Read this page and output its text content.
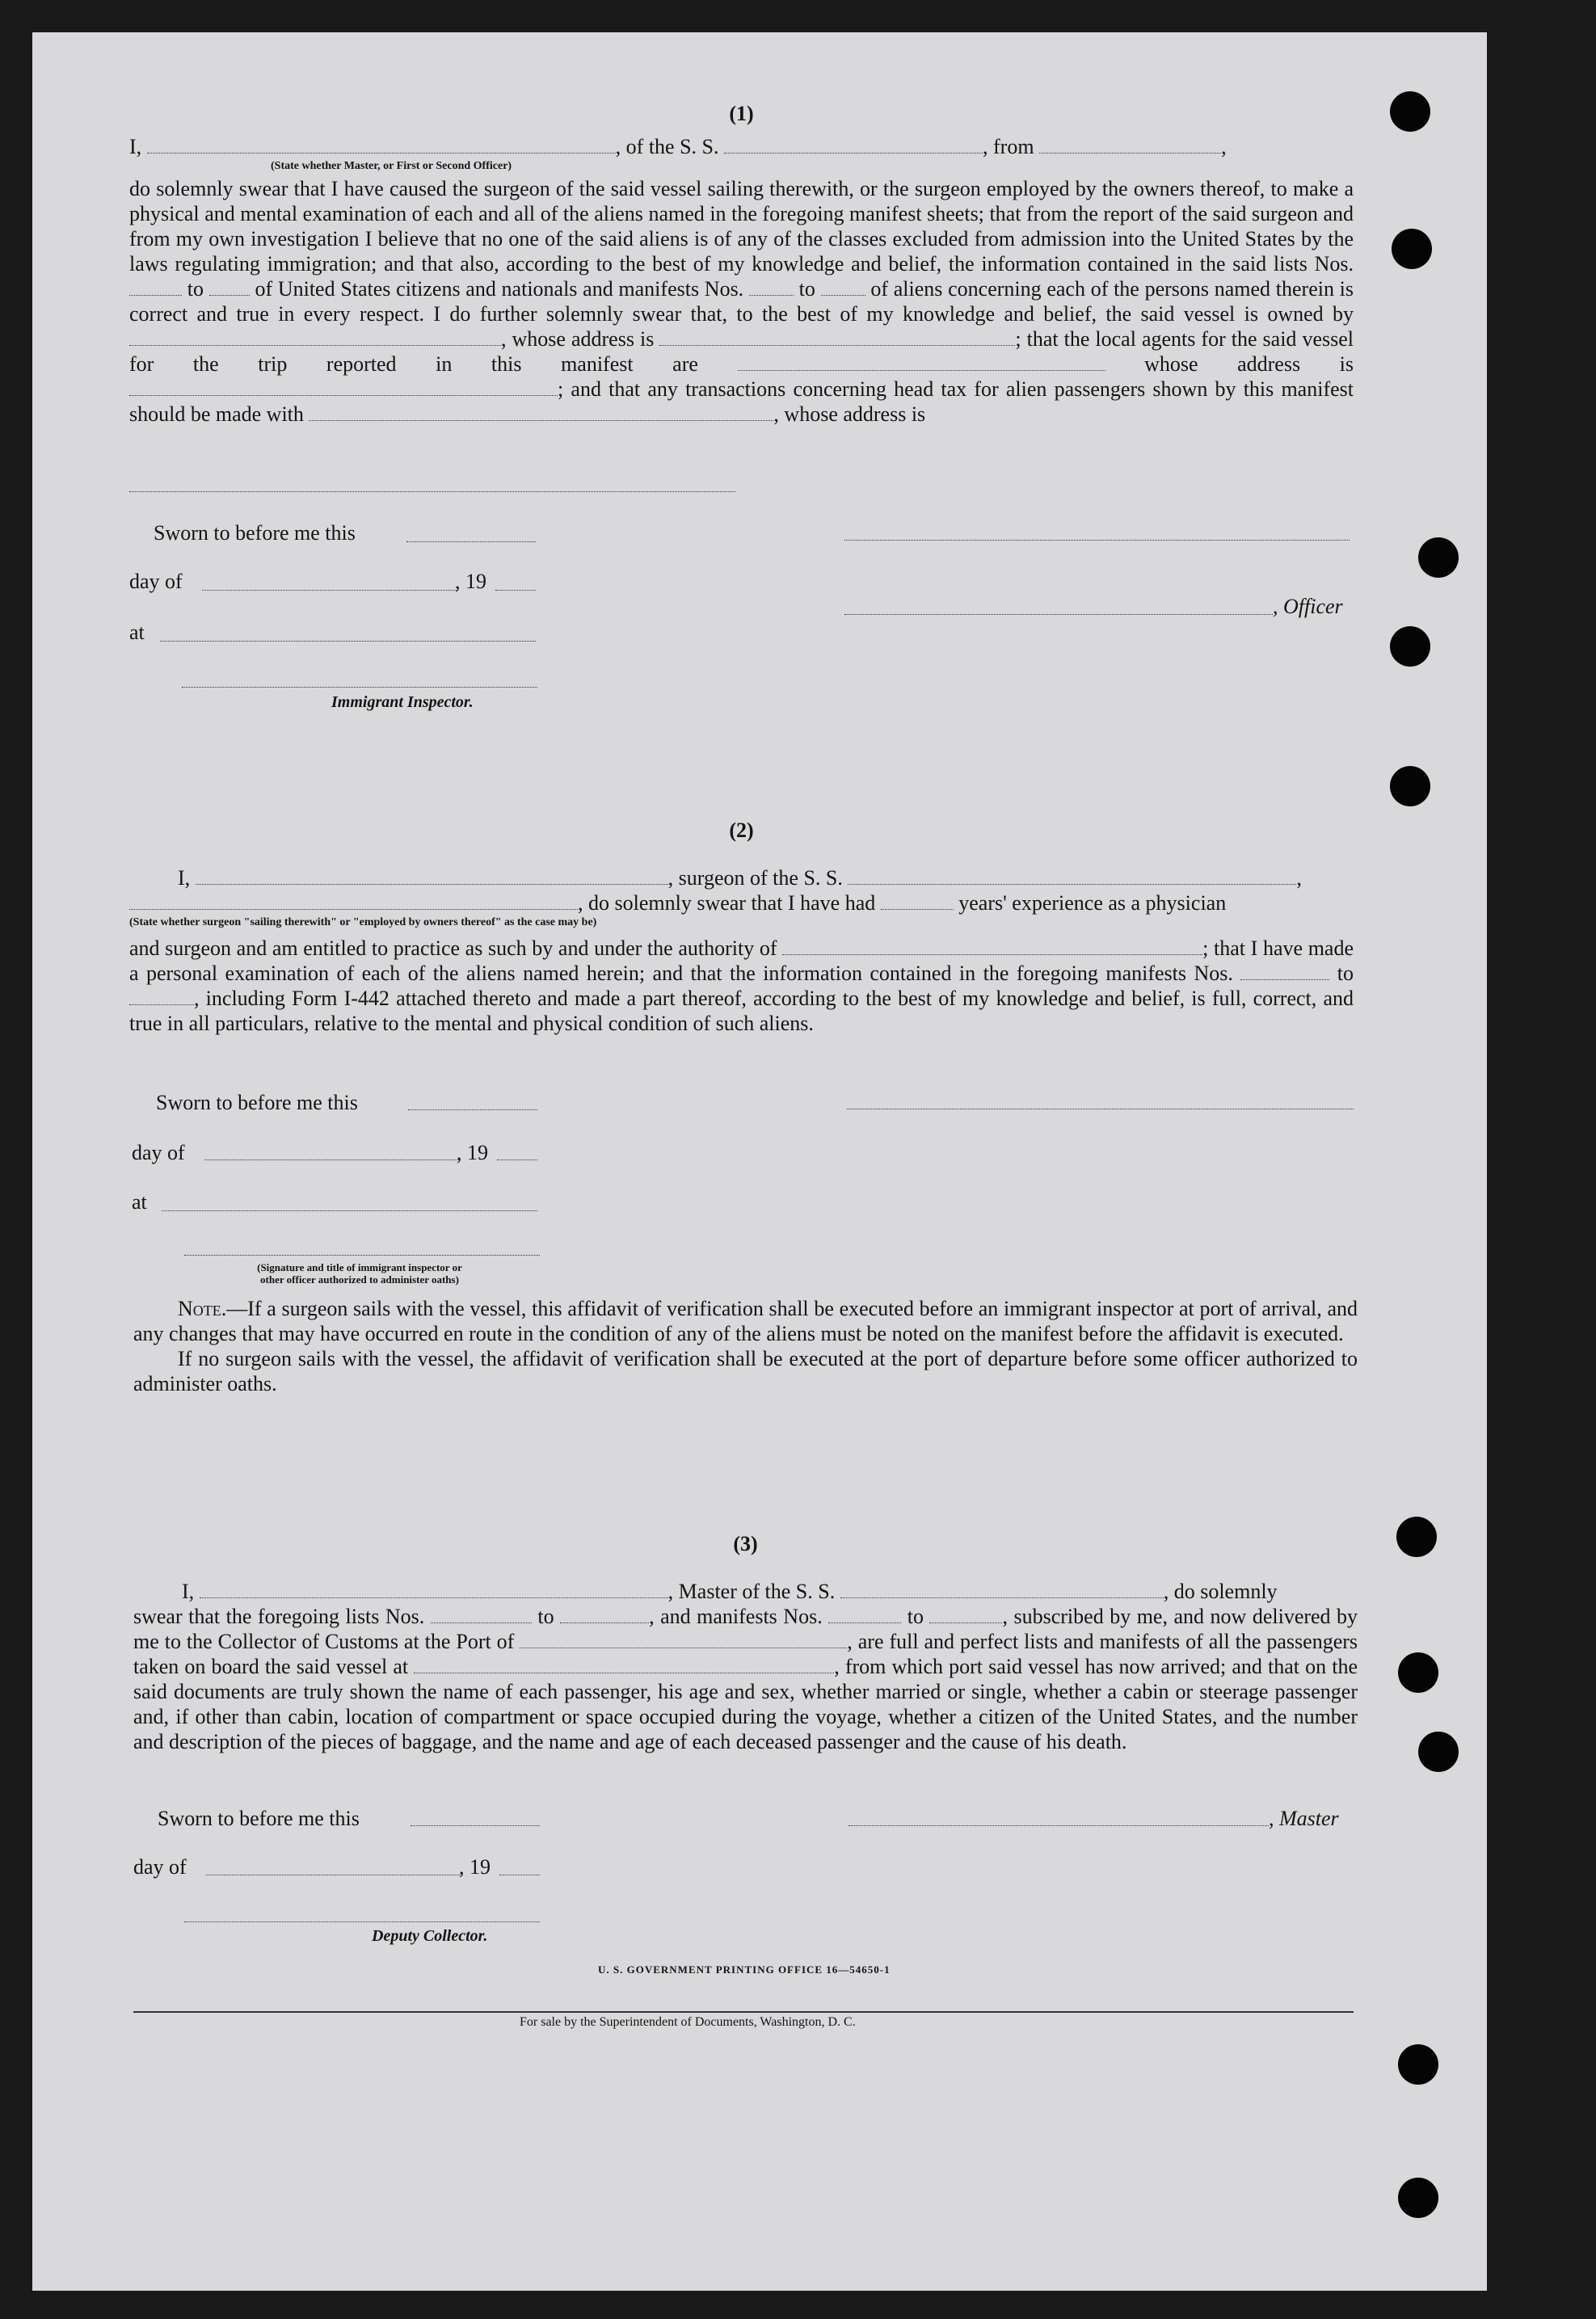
(1)
I,	, of the S. S.	, from	,
(State whether Master, or First or Second Officer)

do solemnly swear that I have caused the surgeon of the said vessel sailing therewith, or the surgeon employed by the owners thereof, to make a physical and mental examination of each and all of the aliens named in the foregoing manifest sheets; that from the report of the said surgeon and from my own investigation I believe that no one of the said aliens is of any of the classes excluded from admission into the United States by the laws regulating immigration; and that also, according to the best of my knowledge and belief, the information contained in the said lists Nos.  to of United States citizens and nationals and manifests Nos.	to	of aliens concerning each of the persons named therein is correct and true in every respect. I do further solemnly swear that, to the best of my knowledge and belief, the said vessel is owned by , whose address is	; that the local agents for the said vessel for the trip reported in this manifest are	whose address is ; and that any transactions concerning head tax for alien passengers shown by this manifest should be made with	, whose address is

Sworn to before me this
day of	, 19
, Officer
at
Immigrant Inspector.
(2)
I,	, surgeon of the S. S.	,
, do solemnly swear that I have had	years' experience as a physician
(State whether surgeon "sailing therewith" or "employed by owners thereof" as the case may be)

and surgeon and am entitled to practice as such by and under the authority of	; that I have made a personal examination of each of the aliens named herein; and that the information contained in the foregoing manifests Nos.	to , including Form I-442 attached thereto and made a part thereof, according to the best of my knowledge and belief, is full, correct, and true in all particulars, relative to the mental and physical condition of such aliens.

Sworn to before me this
day of	, 19
at
(Signature and title of immigrant inspector or
other officer authorized to administer oaths)

Note.—If a surgeon sails with the vessel, this affidavit of verification shall be executed before an immigrant inspector at port of arrival, and any changes that may have occurred en route in the condition of any of the aliens must be noted on the manifest before the affidavit is executed.

If no surgeon sails with the vessel, the affidavit of verification shall be executed at the port of departure before some officer authorized to administer oaths.

(3)
I,	, Master of the S. S.	, do solemnly

swear that the foregoing lists Nos.	to	, and manifests Nos.	to	, subscribed by me, and now delivered by me to the Collector of Customs at the Port of	, are full and perfect lists and manifests of all the passengers taken on board the said vessel at	, from which port said vessel has now arrived; and that on the said documents are truly shown the name of each passenger, his age and sex, whether married or single, whether a cabin or steerage passenger and, if other than cabin, location of compartment or space occupied during the voyage, whether a citizen of the United States, and the number and description of the pieces of baggage, and the name and age of each deceased passenger and the cause of his death.

Sworn to before me this	, Master
day of	, 19
Deputy Collector.
U. S. GOVERNMENT PRINTING OFFICE 16—54650-1
For sale by the Superintendent of Documents, Washington, D. C.
